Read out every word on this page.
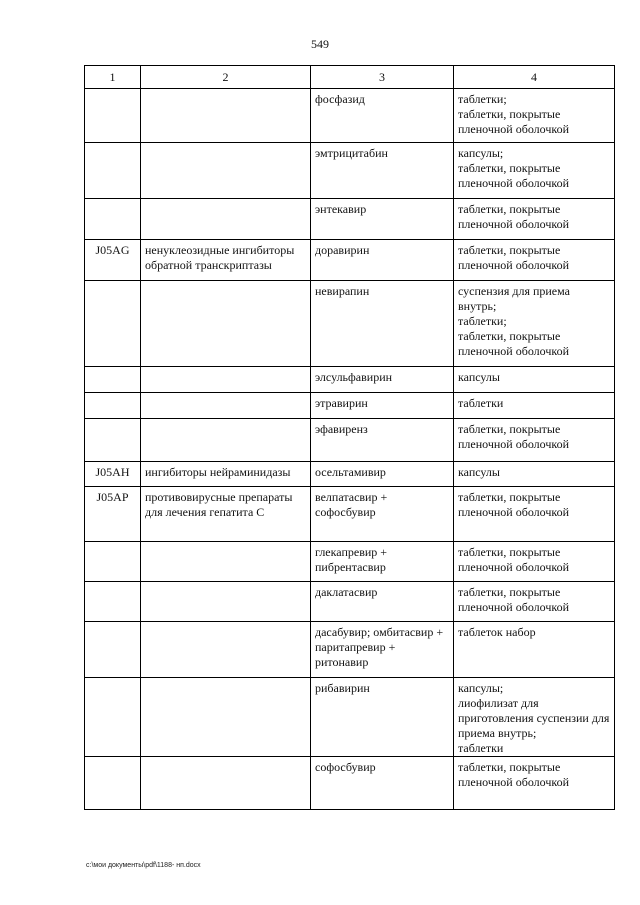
549
1	2	3	4
		фосфазид	таблетки;
таблетки, покрытые пленочной оболочкой

		эмтрицитабин	капсулы;
таблетки, покрытые пленочной оболочкой

		энтекавир	таблетки, покрытые пленочной оболочкой

J05AG	ненуклеозидные ингибиторы обратной транскриптазы	доравирин	таблетки, покрытые пленочной оболочкой

		невирапин	суспензия для приема внутрь;
таблетки;
таблетки, покрытые пленочной оболочкой

		элсульфавирин	капсулы

		этравирин	таблетки

		эфавиренз	таблетки, покрытые пленочной оболочкой

J05AH	ингибиторы нейраминидазы	осельтамивир	капсулы

J05AP	противовирусные препараты для лечения гепатита C	велпатасвир + софосбувир	таблетки, покрытые пленочной оболочкой

		глекапревир + пибрентасвир	таблетки, покрытые пленочной оболочкой

		даклатасвир	таблетки, покрытые пленочной оболочкой

		дасабувир; омбитасвир + паритапревир + ритонавир	таблеток набор

		рибавирин	капсулы;
лиофилизат для приготовления суспензии для приема внутрь;
таблетки

		софосбувир	таблетки, покрытые пленочной оболочкой
c:\мои документы\pdf\1188- нп.docx
